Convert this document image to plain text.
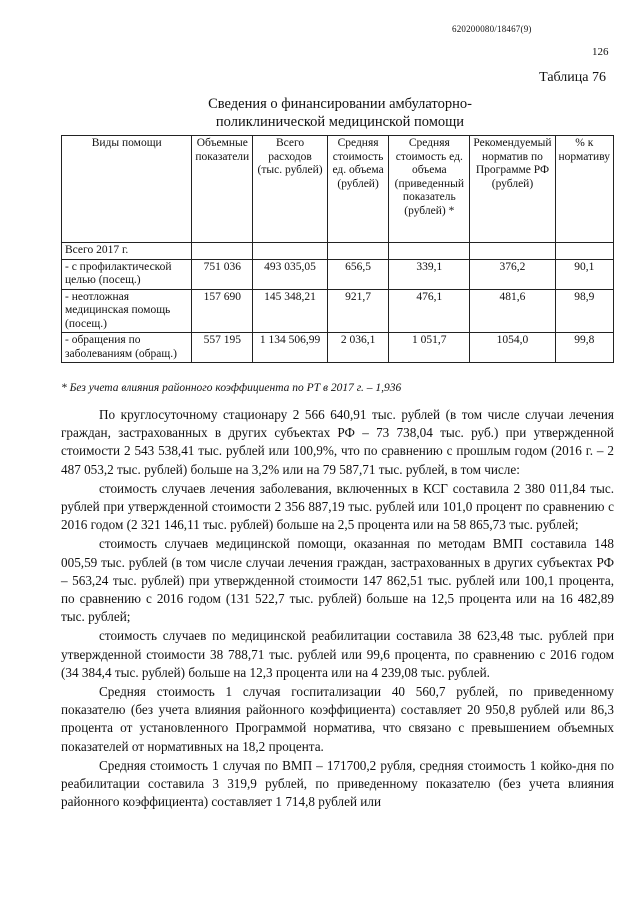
620200080/18467(9)
126
Таблица 76
Сведения о финансировании амбулаторно-
поликлинической медицинской помощи
Виды помощи	Объемные показатели	Всего расходов (тыс. рублей)	Средняя стоимость ед. объема (рублей)	Средняя стоимость ед. объема (приведенный показатель (рублей) *	Рекомендуемый норматив по Программе РФ (рублей)	% к нормативу
Всего 2017 г.						
- с профилактической целью (посещ.)	751 036	493 035,05	656,5	339,1	376,2	90,1
- неотложная медицинская помощь (посещ.)	157 690	145 348,21	921,7	476,1	481,6	98,9
- обращения по заболеваниям (обращ.)	557 195	1 134 506,99	2 036,1	1 051,7	1054,0	99,8
* Без учета влияния районного коэффициента по РТ в 2017 г. – 1,936

По круглосуточному стационару 2 566 640,91 тыс. рублей (в том числе случаи лечения граждан, застрахованных в других субъектах РФ – 73 738,04 тыс. руб.) при утвержденной стоимости 2 543 538,41 тыс. рублей или 100,9%, что по сравнению с прошлым годом (2016 г. – 2 487 053,2 тыс. рублей) больше на 3,2% или на 79 587,71 тыс. рублей, в том числе:

стоимость случаев лечения заболевания, включенных в КСГ составила 2 380 011,84 тыс. рублей при утвержденной стоимости 2 356 887,19 тыс. рублей или 101,0 процент по сравнению с 2016 годом (2 321 146,11 тыс. рублей) больше на 2,5 процента или на 58 865,73 тыс. рублей;

стоимость случаев медицинской помощи, оказанная по методам ВМП составила 148 005,59 тыс. рублей (в том числе случаи лечения граждан, застрахованных в других субъектах РФ – 563,24 тыс. рублей) при утвержденной стоимости 147 862,51 тыс. рублей или 100,1 процента, по сравнению с 2016 годом (131 522,7 тыс. рублей) больше на 12,5 процента или на 16 482,89 тыс. рублей;

стоимость случаев по медицинской реабилитации составила 38 623,48 тыс. рублей при утвержденной стоимости 38 788,71 тыс. рублей или 99,6 процента, по сравнению с 2016 годом (34 384,4 тыс. рублей) больше на 12,3 процента или на 4 239,08 тыс. рублей.

Средняя стоимость 1 случая госпитализации 40 560,7 рублей, по приведенному показателю (без учета влияния районного коэффициента) составляет 20 950,8 рублей или 86,3 процента от установленного Программой норматива, что связано с превышением объемных показателей от нормативных на 18,2 процента.

Средняя стоимость 1 случая по ВМП – 171700,2 рубля, средняя стоимость 1 койко-дня по реабилитации составила 3 319,9 рублей, по приведенному показателю (без учета влияния районного коэффициента) составляет 1 714,8 рублей или
